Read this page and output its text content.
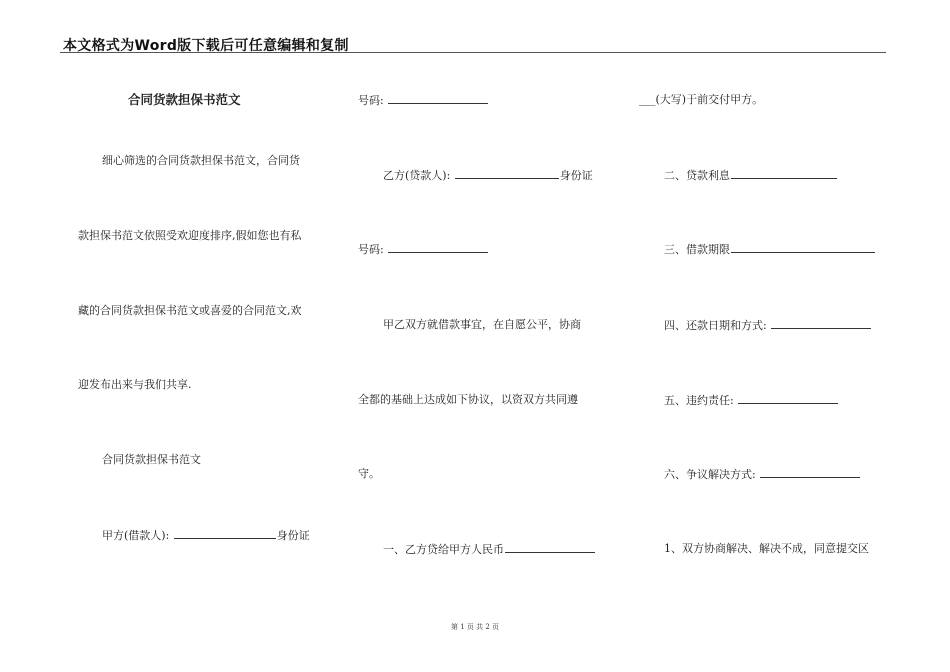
本文格式为Word版下载后可任意编辑和复制
合同货款担保书范文
细心筛选的合同货款担保书范文，合同货
款担保书范文依照受欢迎度排序,假如您也有私
藏的合同货款担保书范文或喜爱的合同范文,欢
迎发布出来与我们共享.
合同货款担保书范文
甲方(借款人):	身份证
号码:
乙方(贷款人):	身份证
号码:
甲乙双方就借款事宜，在自愿公平，协商
全都的基础上达成如下协议，以资双方共同遵
守。
一、乙方贷给甲方人民币
___(大写)于前交付甲方。
二、贷款利息
三、借款期限
四、还款日期和方式:
五、违约责任:
六、争议解决方式:
1、双方协商解决、解决不成，同意提交区
第 1 页 共 2 页
